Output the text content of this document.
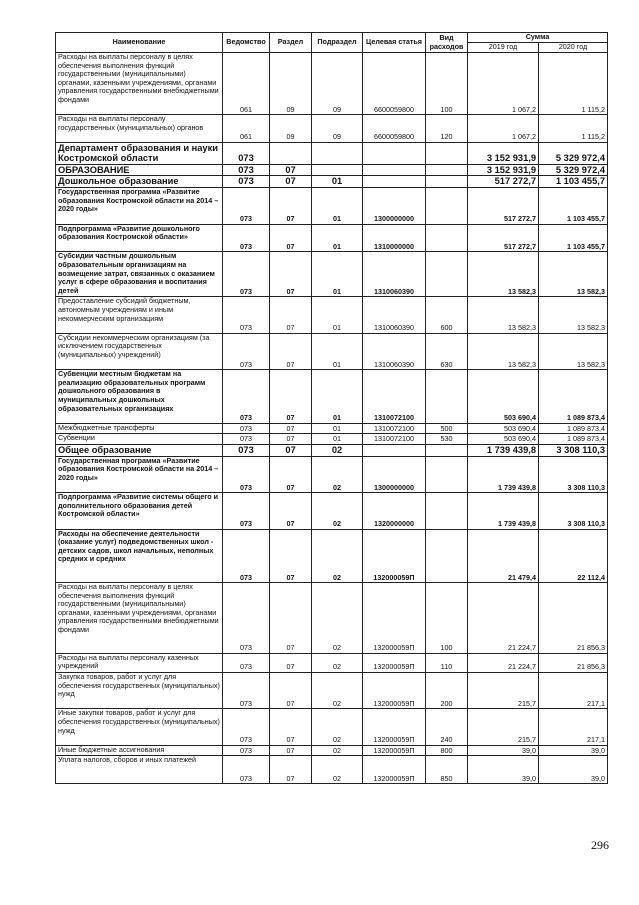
Наименование	Ведомство	Раздел	Подраздел	Целевая статья	Вид расходов	Сумма	
						2019 год	2020 год
Расходы на выплаты персоналу в целях обеспечения выполнения функций государственными (муниципальными) органами, казенными учреждениями, органами управления государственными внебюджетными фондами	061	09	09	6600059800	100	1 067,2	1 115,2
Расходы на выплаты персоналу государственных (муниципальных) органов	061	09	09	6600059800	120	1 067,2	1 115,2
Департамент образования и науки Костромской области	073					3 152 931,9	5 329 972,4
ОБРАЗОВАНИЕ	073	07				3 152 931,9	5 329 972,4
Дошкольное образование	073	07	01			517 272,7	1 103 455,7
Государственная программа «Развитие образования Костромской области на 2014 – 2020 годы»	073	07	01	1300000000		517 272,7	1 103 455,7
Подпрограмма «Развитие дошкольного образования Костромской области»	073	07	01	1310000000		517 272,7	1 103 455,7
Субсидии частным дошкольным образовательным организациям на возмещение затрат, связанных с оказанием услуг в сфере образования и воспитания детей	073	07	01	1310060390		13 582,3	13 582,3
Предоставление субсидий бюджетным, автономным учреждениям и иным некоммерческим организациям	073	07	01	1310060390	600	13 582,3	13 582,3
Субсидии некоммерческим организациям (за исключением государственных (муниципальных) учреждений)	073	07	01	1310060390	630	13 582,3	13 582,3
Субвенции местным бюджетам на реализацию образовательных программ дошкольного образования в муниципальных дошкольных образовательных организациях	073	07	01	1310072100		503 690,4	1 089 873,4
Межбюджетные трансферты	073	07	01	1310072100	500	503 690,4	1 089 873,4
Субвенции	073	07	01	1310072100	530	503 690,4	1 089 873,4
Общее образование	073	07	02			1 739 439,8	3 308 110,3
Государственная программа «Развитие образования Костромской области на 2014 – 2020 годы»	073	07	02	1300000000		1 739 439,8	3 308 110,3
Подпрограмма «Развитие системы общего и дополнительного образования детей Костромской области»	073	07	02	1320000000		1 739 439,8	3 308 110,3
Расходы на обеспечение деятельности (оказание услуг) подведомственных школ - детских садов, школ начальных, неполных средних и средних	073	07	02	132000059П		21 479,4	22 112,4
Расходы на выплаты персоналу в целях обеспечения выполнения функций государственными (муниципальными) органами, казенными учреждениями, органами управления государственными внебюджетными фондами	073	07	02	132000059П	100	21 224,7	21 856,3
Расходы на выплаты персоналу казенных учреждений	073	07	02	132000059П	110	21 224,7	21 856,3
Закупка товаров, работ и услуг для обеспечения государственных (муниципальных) нужд	073	07	02	132000059П	200	215,7	217,1
Иные закупки товаров, работ и услуг для обеспечения государственных (муниципальных) нужд	073	07	02	132000059П	240	215,7	217,1
Иные бюджетные ассигнования	073	07	02	132000059П	800	39,0	39,0
Уплата налогов, сборов и иных платежей	073	07	02	132000059П	850	39,0	39,0
296
